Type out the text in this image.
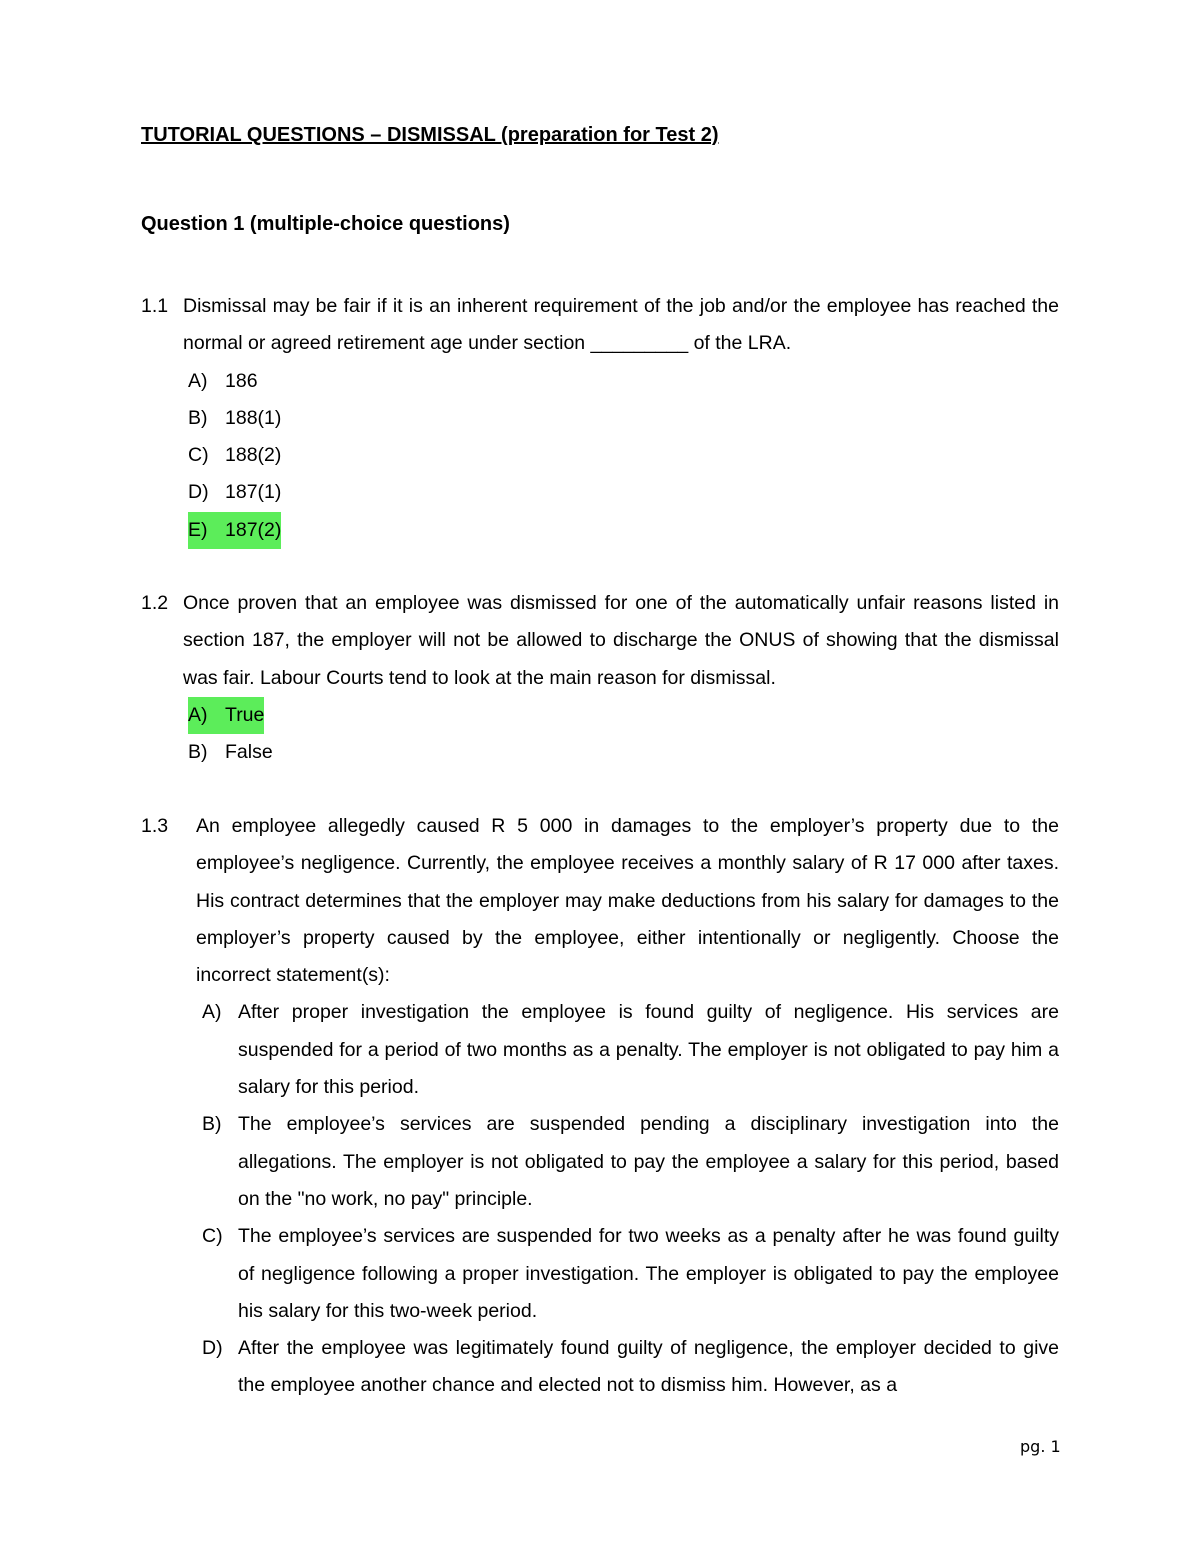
TUTORIAL QUESTIONS – DISMISSAL (preparation for Test 2)
Question 1 (multiple-choice questions)
1.1 Dismissal may be fair if it is an inherent requirement of the job and/or the employee has reached the normal or agreed retirement age under section _________ of the LRA.
A) 186
B) 188(1)
C) 188(2)
D) 187(1)
E) 187(2)
1.2 Once proven that an employee was dismissed for one of the automatically unfair reasons listed in section 187, the employer will not be allowed to discharge the ONUS of showing that the dismissal was fair. Labour Courts tend to look at the main reason for dismissal.
A) True
B) False
1.3	An employee allegedly caused R 5 000 in damages to the employer’s property due to the employee’s negligence. Currently, the employee receives a monthly salary of R 17 000 after taxes. His contract determines that the employer may make deductions from his salary for damages to the employer’s property caused by the employee, either intentionally or negligently. Choose the incorrect statement(s):
A) After proper investigation the employee is found guilty of negligence. His services are suspended for a period of two months as a penalty. The employer is not obligated to pay him a salary for this period.
B) The employee’s services are suspended pending a disciplinary investigation into the allegations. The employer is not obligated to pay the employee a salary for this period, based on the "no work, no pay" principle.
C) The employee’s services are suspended for two weeks as a penalty after he was found guilty of negligence following a proper investigation. The employer is obligated to pay the employee his salary for this two-week period.
D) After the employee was legitimately found guilty of negligence, the employer decided to give the employee another chance and elected not to dismiss him. However, as a
pg. 1
